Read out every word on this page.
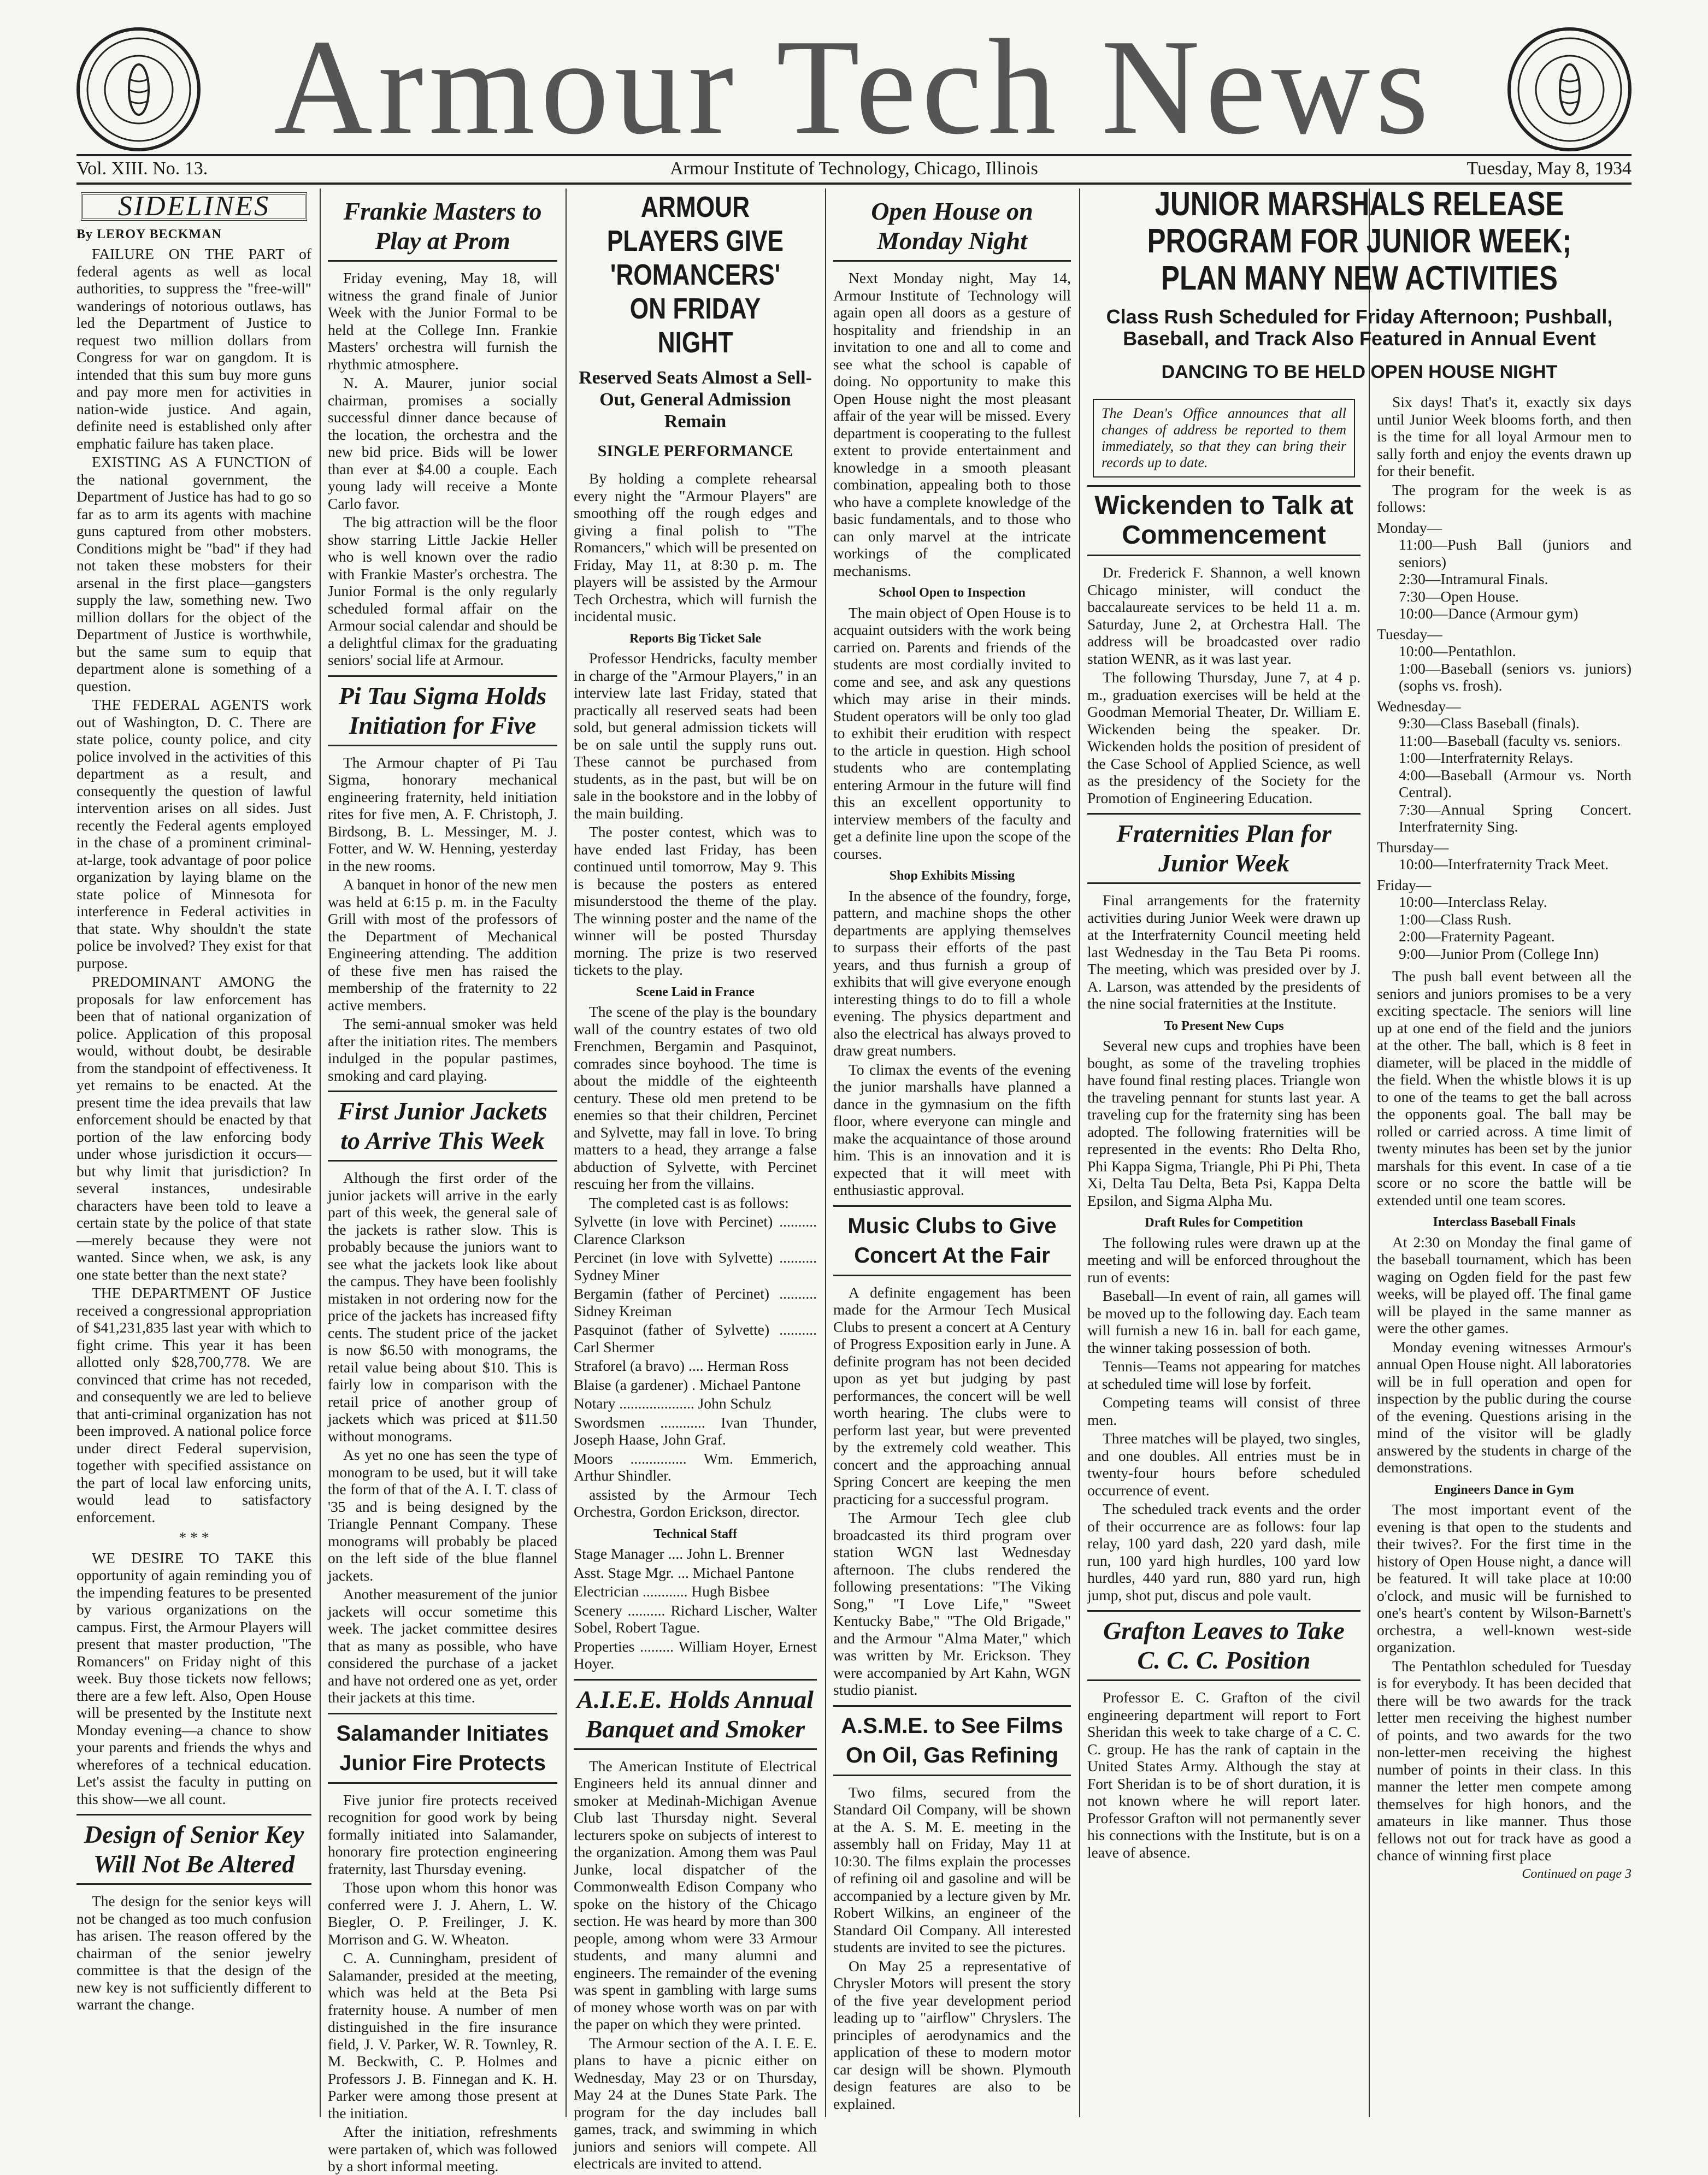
Armour Tech News
Vol. XIII. No. 13.	Armour Institute of Technology, Chicago, Illinois	Tuesday, May 8, 1934
SIDELINES
By LEROY BECKMAN

FAILURE ON THE PART of federal agents as well as local authorities, to suppress the "free-will" wanderings of notorious outlaws, has led the Department of Justice to request two million dollars from Congress for war on gangdom. It is intended that this sum buy more guns and pay more men for activities in nation-wide justice. And again, definite need is established only after emphatic failure has taken place.

EXISTING AS A FUNCTION of the national government, the Department of Justice has had to go so far as to arm its agents with machine guns captured from other mobsters. Conditions might be "bad" if they had not taken these mobsters for their arsenal in the first place—gangsters supply the law, something new. Two million dollars for the object of the Department of Justice is worthwhile, but the same sum to equip that department alone is something of a question.

THE FEDERAL AGENTS work out of Washington, D. C. There are state police, county police, and city police involved in the activities of this department as a result, and consequently the question of lawful intervention arises on all sides. Just recently the Federal agents employed in the chase of a prominent criminal-at-large, took advantage of poor police organization by laying blame on the state police of Minnesota for interference in Federal activities in that state. Why shouldn't the state police be involved? They exist for that purpose.

PREDOMINANT AMONG the proposals for law enforcement has been that of national organization of police. Application of this proposal would, without doubt, be desirable from the standpoint of effectiveness. It yet remains to be enacted. At the present time the idea prevails that law enforcement should be enacted by that portion of the law enforcing body under whose jurisdiction it occurs—but why limit that jurisdiction? In several instances, undesirable characters have been told to leave a certain state by the police of that state—merely because they were not wanted. Since when, we ask, is any one state better than the next state?

THE DEPARTMENT OF Justice received a congressional appropriation of $41,231,835 last year with which to fight crime. This year it has been allotted only $28,700,778. We are convinced that crime has not receded, and consequently we are led to believe that anti-criminal organization has not been improved. A national police force under direct Federal supervision, together with specified assistance on the part of local law enforcing units, would lead to satisfactory enforcement.

* * *

WE DESIRE TO TAKE this opportunity of again reminding you of the impending features to be presented by various organizations on the campus. First, the Armour Players will present that master production, "The Romancers" on Friday night of this week. Buy those tickets now fellows; there are a few left. Also, Open House will be presented by the Institute next Monday evening—a chance to show your parents and friends the whys and wherefores of a technical education. Let's assist the faculty in putting on this show—we all count.

Design of Senior Key Will Not Be Altered

The design for the senior keys will not be changed as too much confusion has arisen. The reason offered by the chairman of the senior jewelry committee is that the design of the new key is not sufficiently different to warrant the change.

Frankie Masters to Play at Prom

Friday evening, May 18, will witness the grand finale of Junior Week with the Junior Formal to be held at the College Inn. Frankie Masters' orchestra will furnish the rhythmic atmosphere.

N. A. Maurer, junior social chairman, promises a socially successful dinner dance because of the location, the orchestra and the new bid price. Bids will be lower than ever at $4.00 a couple. Each young lady will receive a Monte Carlo favor.

The big attraction will be the floor show starring Little Jackie Heller who is well known over the radio with Frankie Master's orchestra. The Junior Formal is the only regularly scheduled formal affair on the Armour social calendar and should be a delightful climax for the graduating seniors' social life at Armour.

Pi Tau Sigma Holds Initiation for Five

The Armour chapter of Pi Tau Sigma, honorary mechanical engineering fraternity, held initiation rites for five men, A. F. Christoph, J. Birdsong, B. L. Messinger, M. J. Fotter, and W. W. Henning, yesterday in the new rooms.

A banquet in honor of the new men was held at 6:15 p. m. in the Faculty Grill with most of the professors of the Department of Mechanical Engineering attending. The addition of these five men has raised the membership of the fraternity to 22 active members.

The semi-annual smoker was held after the initiation rites. The members indulged in the popular pastimes, smoking and card playing.

First Junior Jackets to Arrive This Week

Although the first order of the junior jackets will arrive in the early part of this week, the general sale of the jackets is rather slow. This is probably because the juniors want to see what the jackets look like about the campus. They have been foolishly mistaken in not ordering now for the price of the jackets has increased fifty cents. The student price of the jacket is now $6.50 with monograms, the retail value being about $10. This is fairly low in comparison with the retail price of another group of jackets which was priced at $11.50 without monograms.

As yet no one has seen the type of monogram to be used, but it will take the form of that of the A. I. T. class of '35 and is being designed by the Triangle Pennant Company. These monograms will probably be placed on the left side of the blue flannel jackets.

Another measurement of the junior jackets will occur sometime this week. The jacket committee desires that as many as possible, who have considered the purchase of a jacket and have not ordered one as yet, order their jackets at this time.

Salamander Initiates Junior Fire Protects

Five junior fire protects received recognition for good work by being formally initiated into Salamander, honorary fire protection engineering fraternity, last Thursday evening.

Those upon whom this honor was conferred were J. J. Ahern, L. W. Biegler, O. P. Freilinger, J. K. Morrison and G. W. Wheaton.

C. A. Cunningham, president of Salamander, presided at the meeting, which was held at the Beta Psi fraternity house. A number of men distinguished in the fire insurance field, J. V. Parker, W. R. Townley, R. M. Beckwith, C. P. Holmes and Professors J. B. Finnegan and K. H. Parker were among those present at the initiation.

After the initiation, refreshments were partaken of, which was followed by a short informal meeting.

ARMOUR PLAYERS GIVE 'ROMANCERS' ON FRIDAY NIGHT
Reserved Seats Almost a Sell-Out, General Admission Remain
SINGLE PERFORMANCE

By holding a complete rehearsal every night the "Armour Players" are smoothing off the rough edges and giving a final polish to "The Romancers," which will be presented on Friday, May 11, at 8:30 p. m. The players will be assisted by the Armour Tech Orchestra, which will furnish the incidental music.

Reports Big Ticket Sale

Professor Hendricks, faculty member in charge of the "Armour Players," in an interview late last Friday, stated that practically all reserved seats had been sold, but general admission tickets will be on sale until the supply runs out. These cannot be purchased from students, as in the past, but will be on sale in the bookstore and in the lobby of the main building.

The poster contest, which was to have ended last Friday, has been continued until tomorrow, May 9. This is because the posters as entered misunderstood the theme of the play. The winning poster and the name of the winner will be posted Thursday morning. The prize is two reserved tickets to the play.

Scene Laid in France

The scene of the play is the boundary wall of the country estates of two old Frenchmen, Bergamin and Pasquinot, comrades since boyhood. The time is about the middle of the eighteenth century. These old men pretend to be enemies so that their children, Percinet and Sylvette, may fall in love. To bring matters to a head, they arrange a false abduction of Sylvette, with Percinet rescuing her from the villains.

The completed cast is as follows:

Sylvette (in love with Percinet) .......... Clarence Clarkson

Percinet (in love with Sylvette) .......... Sydney Miner

Bergamin (father of Percinet) .......... Sidney Kreiman

Pasquinot (father of Sylvette) .......... Carl Shermer

Straforel (a bravo) .... Herman Ross

Blaise (a gardener) . Michael Pantone

Notary .................... John Schulz

Swordsmen ............ Ivan Thunder, Joseph Haase, John Graf.

Moors ............... Wm. Emmerich, Arthur Shindler.

assisted by the Armour Tech Orchestra, Gordon Erickson, director.

Technical Staff

Stage Manager .... John L. Brenner

Asst. Stage Mgr. ... Michael Pantone

Electrician ............ Hugh Bisbee

Scenery .......... Richard Lischer, Walter Sobel, Robert Tague.

Properties ......... William Hoyer, Ernest Hoyer.

A.I.E.E. Holds Annual Banquet and Smoker

The American Institute of Electrical Engineers held its annual dinner and smoker at Medinah-Michigan Avenue Club last Thursday night. Several lecturers spoke on subjects of interest to the organization. Among them was Paul Junke, local dispatcher of the Commonwealth Edison Company who spoke on the history of the Chicago section. He was heard by more than 300 people, among whom were 33 Armour students, and many alumni and engineers. The remainder of the evening was spent in gambling with large sums of money whose worth was on par with the paper on which they were printed.

The Armour section of the A. I. E. E. plans to have a picnic either on Wednesday, May 23 or on Thursday, May 24 at the Dunes State Park. The program for the day includes ball games, track, and swimming in which juniors and seniors will compete. All electricals are invited to attend.

Open House on Monday Night

Next Monday night, May 14, Armour Institute of Technology will again open all doors as a gesture of hospitality and friendship in an invitation to one and all to come and see what the school is capable of doing. No opportunity to make this Open House night the most pleasant affair of the year will be missed. Every department is cooperating to the fullest extent to provide entertainment and knowledge in a smooth pleasant combination, appealing both to those who have a complete knowledge of the basic fundamentals, and to those who can only marvel at the intricate workings of the complicated mechanisms.

School Open to Inspection

The main object of Open House is to acquaint outsiders with the work being carried on. Parents and friends of the students are most cordially invited to come and see, and ask any questions which may arise in their minds. Student operators will be only too glad to exhibit their erudition with respect to the article in question. High school students who are contemplating entering Armour in the future will find this an excellent opportunity to interview members of the faculty and get a definite line upon the scope of the courses.

Shop Exhibits Missing

In the absence of the foundry, forge, pattern, and machine shops the other departments are applying themselves to surpass their efforts of the past years, and thus furnish a group of exhibits that will give everyone enough interesting things to do to fill a whole evening. The physics department and also the electrical has always proved to draw great numbers.

To climax the events of the evening the junior marshalls have planned a dance in the gymnasium on the fifth floor, where everyone can mingle and make the acquaintance of those around him. This is an innovation and it is expected that it will meet with enthusiastic approval.

Music Clubs to Give Concert At the Fair

A definite engagement has been made for the Armour Tech Musical Clubs to present a concert at A Century of Progress Exposition early in June. A definite program has not been decided upon as yet but judging by past performances, the concert will be well worth hearing. The clubs were to perform last year, but were prevented by the extremely cold weather. This concert and the approaching annual Spring Concert are keeping the men practicing for a successful program.

The Armour Tech glee club broadcasted its third program over station WGN last Wednesday afternoon. The clubs rendered the following presentations: "The Viking Song," "I Love Life," "Sweet Kentucky Babe," "The Old Brigade," and the Armour "Alma Mater," which was written by Mr. Erickson. They were accompanied by Art Kahn, WGN studio pianist.

A.S.M.E. to See Films On Oil, Gas Refining

Two films, secured from the Standard Oil Company, will be shown at the A. S. M. E. meeting in the assembly hall on Friday, May 11 at 10:30. The films explain the processes of refining oil and gasoline and will be accompanied by a lecture given by Mr. Robert Wilkins, an engineer of the Standard Oil Company. All interested students are invited to see the pictures.

On May 25 a representative of Chrysler Motors will present the story of the five year development period leading up to "airflow" Chryslers. The principles of aerodynamics and the application of these to modern motor car design will be shown. Plymouth design features are also to be explained.

JUNIOR MARSHALS RELEASE PROGRAM FOR JUNIOR WEEK; PLAN MANY NEW ACTIVITIES
Class Rush Scheduled for Friday Afternoon; Pushball, Baseball, and Track Also Featured in Annual Event
The Dean's Office announces that all changes of address be reported to them immediately, so that they can bring their records up to date.
Wickenden to Talk at Commencement

Dr. Frederick F. Shannon, a well known Chicago minister, will conduct the baccalaureate services to be held 11 a. m. Saturday, June 2, at Orchestra Hall. The address will be broadcasted over radio station WENR, as it was last year.

The following Thursday, June 7, at 4 p. m., graduation exercises will be held at the Goodman Memorial Theater, Dr. William E. Wickenden being the speaker. Dr. Wickenden holds the position of president of the Case School of Applied Science, as well as the presidency of the Society for the Promotion of Engineering Education.

Fraternities Plan for Junior Week

Final arrangements for the fraternity activities during Junior Week were drawn up at the Interfraternity Council meeting held last Wednesday in the Tau Beta Pi rooms. The meeting, which was presided over by J. A. Larson, was attended by the presidents of the nine social fraternities at the Institute.

To Present New Cups

Several new cups and trophies have been bought, as some of the traveling trophies have found final resting places. Triangle won the traveling pennant for stunts last year. A traveling cup for the fraternity sing has been adopted. The following fraternities will be represented in the events: Rho Delta Rho, Phi Kappa Sigma, Triangle, Phi Pi Phi, Theta Xi, Delta Tau Delta, Beta Psi, Kappa Delta Epsilon, and Sigma Alpha Mu.

Draft Rules for Competition

The following rules were drawn up at the meeting and will be enforced throughout the run of events:

Baseball—In event of rain, all games will be moved up to the following day. Each team will furnish a new 16 in. ball for each game, the winner taking possession of both.

Tennis—Teams not appearing for matches at scheduled time will lose by forfeit.

Competing teams will consist of three men.

Three matches will be played, two singles, and one doubles. All entries must be in twenty-four hours before scheduled occurrence of event.

The scheduled track events and the order of their occurrence are as follows: four lap relay, 100 yard dash, 220 yard dash, mile run, 100 yard high hurdles, 100 yard low hurdles, 440 yard run, 880 yard run, high jump, shot put, discus and pole vault.

Grafton Leaves to Take C. C. C. Position

Professor E. C. Grafton of the civil engineering department will report to Fort Sheridan this week to take charge of a C. C. C. group. He has the rank of captain in the United States Army. Although the stay at Fort Sheridan is to be of short duration, it is not known where he will report later. Professor Grafton will not permanently sever his connections with the Institute, but is on a leave of absence.

DANCING TO BE HELD OPEN HOUSE NIGHT

Six days! That's it, exactly six days until Junior Week blooms forth, and then is the time for all loyal Armour men to sally forth and enjoy the events drawn up for their benefit.

The program for the week is as follows:

Monday—
11:00—Push Ball (juniors and seniors)
2:30—Intramural Finals.
7:30—Open House.
10:00—Dance (Armour gym)
Tuesday—
10:00—Pentathlon.
1:00—Baseball (seniors vs. juniors) (sophs vs. frosh).
Wednesday—
9:30—Class Baseball (finals).
11:00—Baseball (faculty vs. seniors.
1:00—Interfraternity Relays.
4:00—Baseball (Armour vs. North Central).
7:30—Annual Spring Concert. Interfraternity Sing.
Thursday—
10:00—Interfraternity Track Meet.
Friday—
10:00—Interclass Relay.
1:00—Class Rush.
2:00—Fraternity Pageant.
9:00—Junior Prom (College Inn)

The push ball event between all the seniors and juniors promises to be a very exciting spectacle. The seniors will line up at one end of the field and the juniors at the other. The ball, which is 8 feet in diameter, will be placed in the middle of the field. When the whistle blows it is up to one of the teams to get the ball across the opponents goal. The ball may be rolled or carried across. A time limit of twenty minutes has been set by the junior marshals for this event. In case of a tie score or no score the battle will be extended until one team scores.

Interclass Baseball Finals

At 2:30 on Monday the final game of the baseball tournament, which has been waging on Ogden field for the past few weeks, will be played off. The final game will be played in the same manner as were the other games.

Monday evening witnesses Armour's annual Open House night. All laboratories will be in full operation and open for inspection by the public during the course of the evening. Questions arising in the mind of the visitor will be gladly answered by the students in charge of the demonstrations.

Engineers Dance in Gym

The most important event of the evening is that open to the students and their twives?. For the first time in the history of Open House night, a dance will be featured. It will take place at 10:00 o'clock, and music will be furnished to one's heart's content by Wilson-Barnett's orchestra, a well-known west-side organization.

The Pentathlon scheduled for Tuesday is for everybody. It has been decided that there will be two awards for the track letter men receiving the highest number of points, and two awards for the two non-letter-men receiving the highest number of points in their class. In this manner the letter men compete among themselves for high honors, and the amateurs in like manner. Thus those fellows not out for track have as good a chance of winning first place

Continued on page 3
